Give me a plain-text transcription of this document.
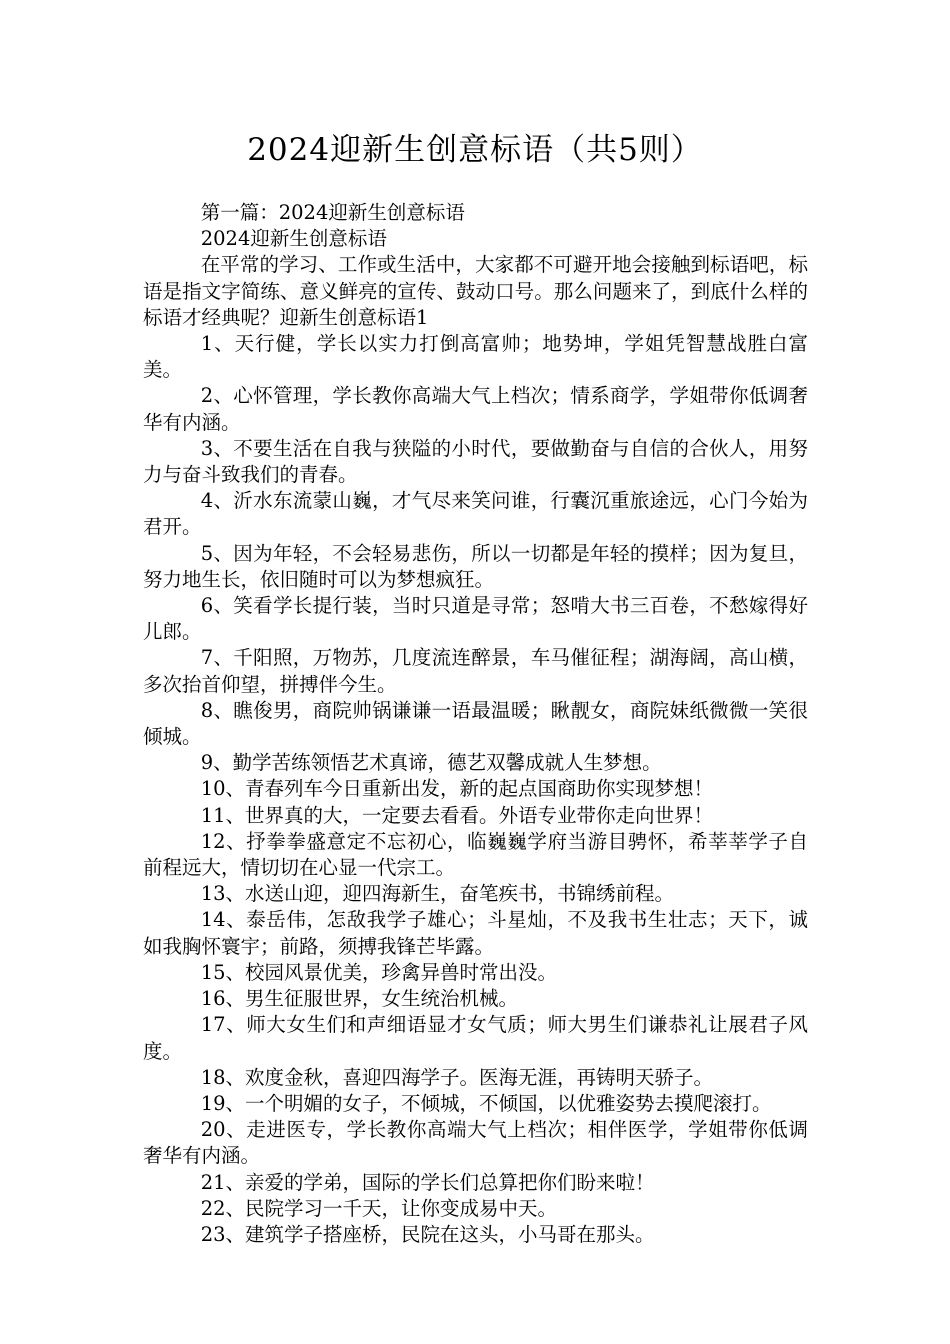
2024迎新生创意标语（共5则）

第一篇：2024迎新生创意标语

2024迎新生创意标语

在平常的学习、工作或生活中，大家都不可避开地会接触到标语吧，标语是指文字简练、意义鲜亮的宣传、鼓动口号。那么问题来了，到底什么样的标语才经典呢？迎新生创意标语1

1、天行健，学长以实力打倒高富帅；地势坤，学姐凭智慧战胜白富美。

2、心怀管理，学长教你高端大气上档次；情系商学，学姐带你低调奢华有内涵。

3、不要生活在自我与狭隘的小时代，要做勤奋与自信的合伙人，用努力与奋斗致我们的青春。

4、沂水东流蒙山巍，才气尽来笑问谁，行囊沉重旅途远，心门今始为君开。

5、因为年轻，不会轻易悲伤，所以一切都是年轻的摸样；因为复旦，努力地生长，依旧随时可以为梦想疯狂。

6、笑看学长提行装，当时只道是寻常；怒啃大书三百卷，不愁嫁得好儿郎。

7、千阳照，万物苏，几度流连醉景，车马催征程；湖海阔，高山横，多次抬首仰望，拼搏伴今生。

8、瞧俊男，商院帅锅谦谦一语最温暖；瞅靓女，商院妹纸微微一笑很倾城。

9、勤学苦练领悟艺术真谛，德艺双馨成就人生梦想。

10、青春列车今日重新出发，新的起点国商助你实现梦想！

11、世界真的大，一定要去看看。外语专业带你走向世界！

12、抒拳拳盛意定不忘初心，临巍巍学府当游目骋怀，希莘莘学子自前程远大，情切切在心显一代宗工。

13、水送山迎，迎四海新生，奋笔疾书，书锦绣前程。

14、泰岳伟，怎敌我学子雄心；斗星灿，不及我书生壮志；天下，诚如我胸怀寰宇；前路，须搏我锋芒毕露。

15、校园风景优美，珍禽异兽时常出没。

16、男生征服世界，女生统治机械。

17、师大女生们和声细语显才女气质；师大男生们谦恭礼让展君子风度。

18、欢度金秋，喜迎四海学子。医海无涯，再铸明天骄子。

19、一个明媚的女子，不倾城，不倾国，以优雅姿势去摸爬滚打。

20、走进医专，学长教你高端大气上档次；相伴医学，学姐带你低调奢华有内涵。

21、亲爱的学弟，国际的学长们总算把你们盼来啦！

22、民院学习一千天，让你变成易中天。

23、建筑学子搭座桥，民院在这头，小马哥在那头。
